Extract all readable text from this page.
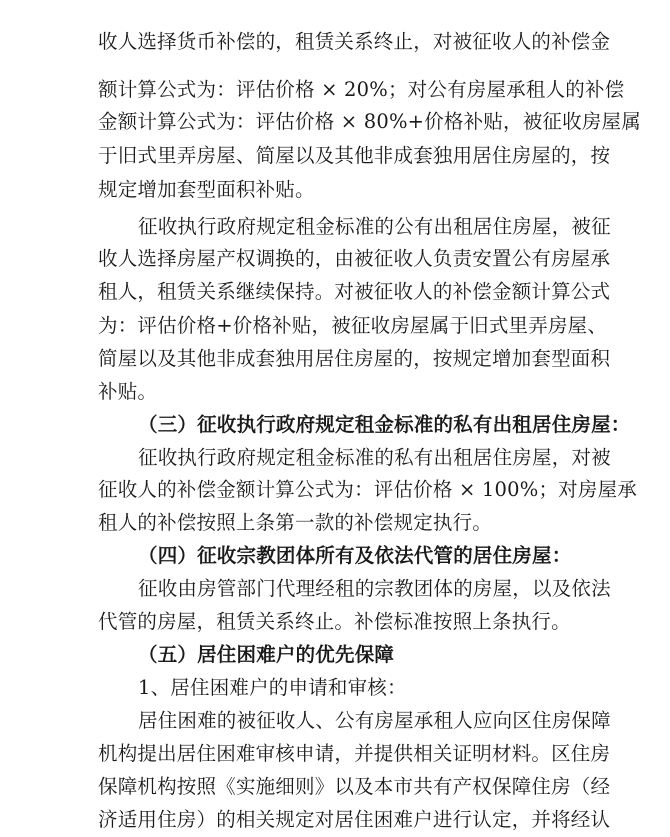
收人选择货币补偿的，租赁关系终止，对被征收人的补偿金
额计算公式为：评估价格 × 20%；对公有房屋承租人的补偿
金额计算公式为：评估价格 × 80%+价格补贴，被征收房屋属
于旧式里弄房屋、简屋以及其他非成套独用居住房屋的，按
规定增加套型面积补贴。
征收执行政府规定租金标准的公有出租居住房屋，被征
收人选择房屋产权调换的，由被征收人负责安置公有房屋承
租人，租赁关系继续保持。对被征收人的补偿金额计算公式
为：评估价格+价格补贴，被征收房屋属于旧式里弄房屋、
简屋以及其他非成套独用居住房屋的，按规定增加套型面积
补贴。
（三）征收执行政府规定租金标准的私有出租居住房屋：
征收执行政府规定租金标准的私有出租居住房屋，对被
征收人的补偿金额计算公式为：评估价格 × 100%；对房屋承
租人的补偿按照上条第一款的补偿规定执行。
（四）征收宗教团体所有及依法代管的居住房屋：
征收由房管部门代理经租的宗教团体的房屋，以及依法
代管的房屋，租赁关系终止。补偿标准按照上条执行。
（五）居住困难户的优先保障
1、居住困难户的申请和审核：
居住困难的被征收人、公有房屋承租人应向区住房保障
机构提出居住困难审核申请，并提供相关证明材料。区住房
保障机构按照《实施细则》以及本市共有产权保障住房（经
济适用住房）的相关规定对居住困难户进行认定，并将经认
